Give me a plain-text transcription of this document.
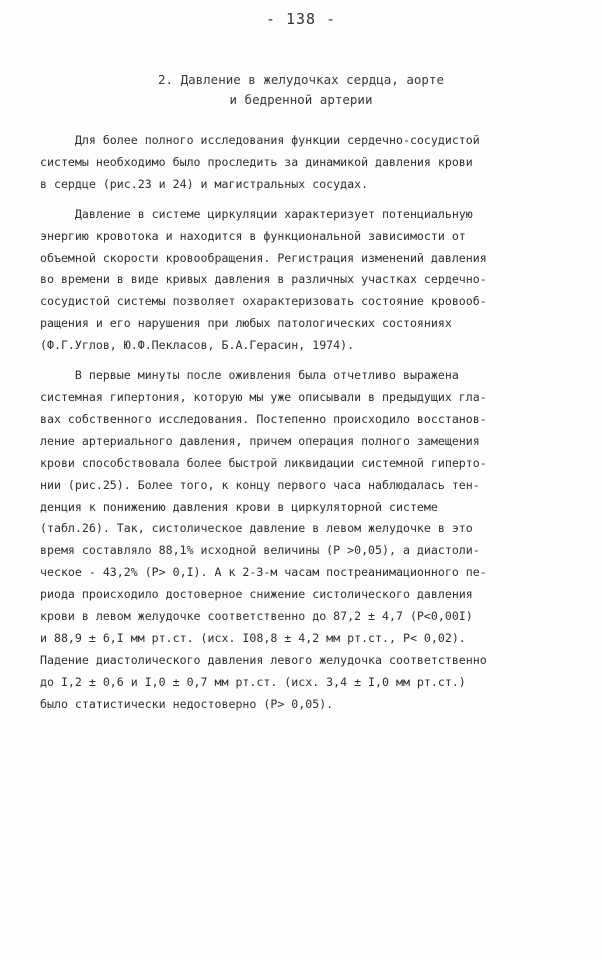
- 138 -
2. Давление в желудочках сердца, аорте
и бедренной артерии
Для более полного исследования функции сердечно-сосудистой
системы необходимо было проследить за динамикой давления крови
в сердце (рис.23 и 24) и магистральных сосудах.
Давление в системе циркуляции характеризует потенциальную
энергию кровотока и находится в функциональной зависимости от
объемной скорости кровообращения. Регистрация изменений давления
во времени в виде кривых давления в различных участках сердечно-
сосудистой системы позволяет охарактеризовать состояние кровооб-
ращения и его нарушения при любых патологических состояниях
(Ф.Г.Углов, Ю.Ф.Пекласов, Б.А.Герасин, 1974).
В первые минуты после оживления была отчетливо выражена
системная гипертония, которую мы уже описывали в предыдущих гла-
вах собственного исследования. Постепенно происходило восстанов-
ление артериального давления, причем операция полного замещения
крови способствовала более быстрой ликвидации системной гиперто-
нии (рис.25). Более того, к концу первого часа наблюдалась тен-
денция к понижению давления крови в циркуляторной системе
(табл.26). Так, систолическое давление в левом желудочке в это
время составляло 88,1% исходной величины (P >0,05), а диастоли-
ческое - 43,2% (P> 0,I). А к 2-3-м часам постреанимационного пе-
риода происходило достоверное снижение систолического давления
крови в левом желудочке соответственно до 87,2 ± 4,7 (P<0,00I)
и 88,9 ± 6,I мм рт.ст. (исх. I08,8 ± 4,2 мм рт.ст., P< 0,02).
Падение диастолического давления левого желудочка соответственно
до I,2 ± 0,6 и I,0 ± 0,7 мм рт.ст. (исх. 3,4 ± I,0 мм рт.ст.)
было статистически недостоверно (P> 0,05).
